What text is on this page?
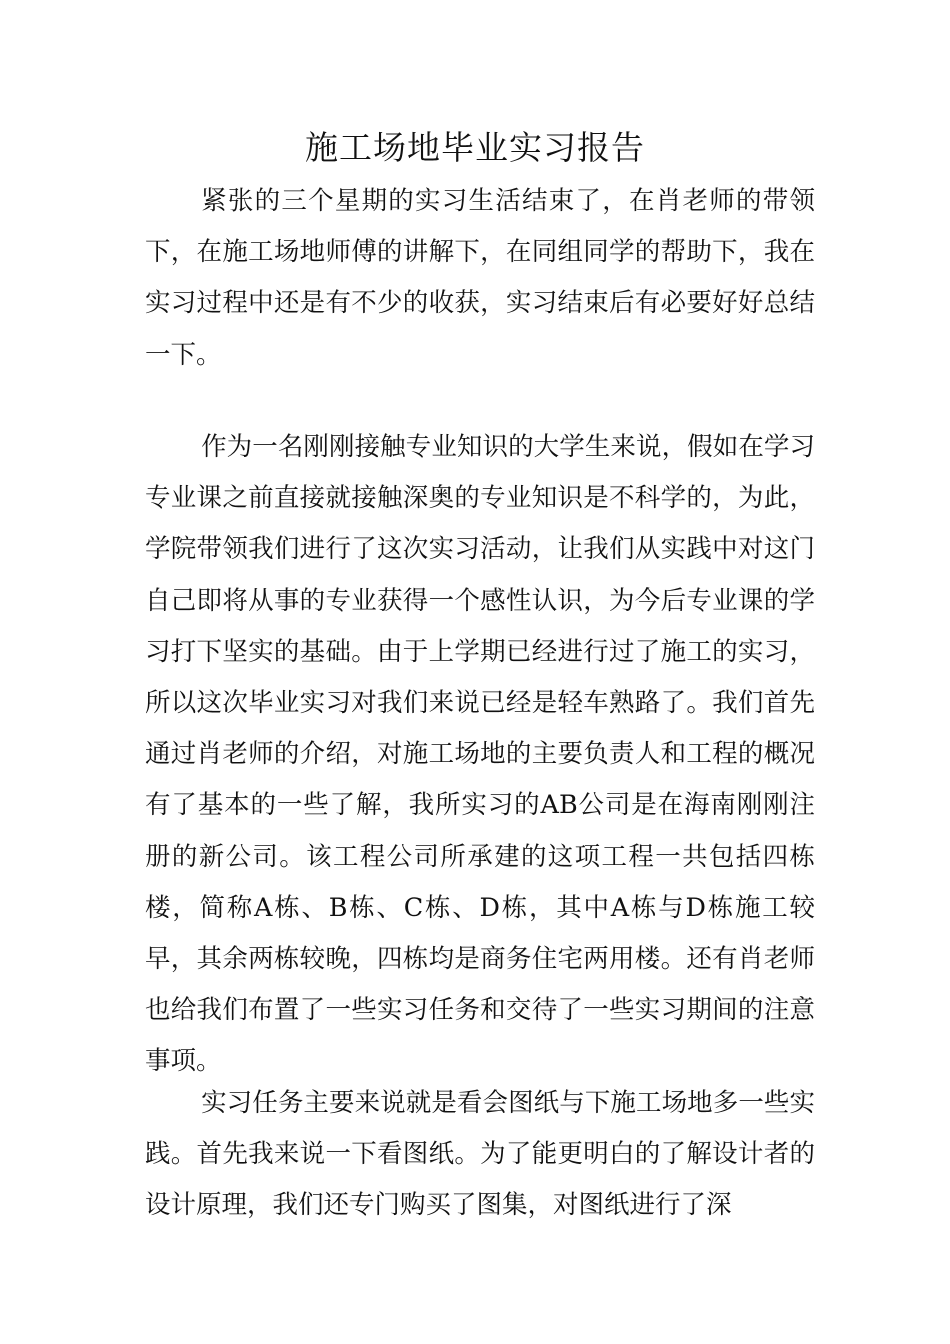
施工场地毕业实习报告

紧张的三个星期的实习生活结束了，在肖老师的带领下，在施工场地师傅的讲解下，在同组同学的帮助下，我在实习过程中还是有不少的收获，实习结束后有必要好好总结一下。

作为一名刚刚接触专业知识的大学生来说，假如在学习专业课之前直接就接触深奥的专业知识是不科学的，为此，学院带领我们进行了这次实习活动，让我们从实践中对这门自己即将从事的专业获得一个感性认识，为今后专业课的学习打下坚实的基础。由于上学期已经进行过了施工的实习，所以这次毕业实习对我们来说已经是轻车熟路了。我们首先通过肖老师的介绍，对施工场地的主要负责人和工程的概况有了基本的一些了解，我所实习的AB公司是在海南刚刚注册的新公司。该工程公司所承建的这项工程一共包括四栋楼，简称A栋、B栋、C栋、D栋，其中A栋与D栋施工较早，其余两栋较晚，四栋均是商务住宅两用楼。还有肖老师也给我们布置了一些实习任务和交待了一些实习期间的注意事项。

实习任务主要来说就是看会图纸与下施工场地多一些实践。首先我来说一下看图纸。为了能更明白的了解设计者的设计原理，我们还专门购买了图集，对图纸进行了深
